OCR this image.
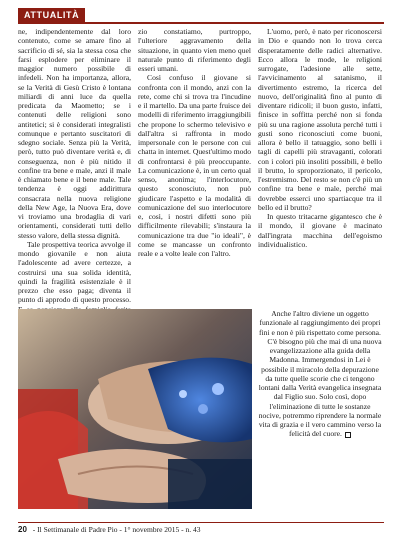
ATTUALITÀ

ne, indipendentemente dal loro contenuto, come se amare fino al sacrificio di sé, sia la stessa cosa che farsi esplodere per eliminare il maggior numero possibile di infedeli. Non ha importanza, allora, se la Verità di Gesù Cristo è lontana miliardi di anni luce da quella predicata da Maometto; se i contenuti delle religioni sono antitetici; si è considerati integralisti comunque e pertanto suscitatori di sdegno sociale. Senza più la Verità, però, tutto può diventare verità e, di conseguenza, non è più nitido il confine tra bene e male, anzi il male è chiamato bene e il bene male. Tale tendenza è oggi addirittura consacrata nella nuova religione della New Age, la Nuova Era, dove vi troviamo una brodaglia di vari orientamenti, considerati tutti dello stesso valore, della stessa dignità.

Tale prospettiva teorica avvolge il mondo giovanile e non aiuta l'adolescente ad avere certezze, a costruirsi una sua solida identità, quindi la fragilità esistenziale è il prezzo che esso paga; diventa il punto di approdo di questo processo.

zio constatiamo, purtroppo, l'ulteriore aggravamento della situazione, in quanto vien meno quel naturale punto di riferimento degli esseri umani.

Così confuso il giovane si confronta con il mondo, anzi con la rete, come chi si trova tra l'incudine e il martello. Da una parte fruisce dei modelli di riferimento irraggiungibili che propone lo schermo televisivo e dall'altra si raffronta in modo impersonale con le persone con cui chatta in internet. Quest'ultimo modo di confrontarsi è più preoccupante. La comunicazione è, in un certo qual senso, anonima; l'interlocutore, questo sconosciuto, non può giudicare l'aspetto e la modalità di comunicazione del suo interlocutore e, così, i nostri difetti sono più difficilmente rilevabili; s'instaura la comunicazione tra due "io ideali", è come se mancasse un confronto reale e a volte leale con l'altro.

L'uomo, però, è nato per riconoscersi in Dio e quando non lo trova cerca disperatamente delle radici alternative. Ecco allora le mode, le religioni surrogate, l'adesione alle sette, l'avvicinamento al satanismo, il divertimento estremo, la ricerca del nuovo, dell'originalità fino al punto di diventare ridicoli; il buon gusto, infatti, finisce in soffitta perché non si fonda più su una ragione assoluta perché tutti i gusti sono riconosciuti come buoni, allora è bello il tatuaggio, sono belli i tagli di capelli più stravaganti, colorati con i colori più insoliti possibili, è bello il brutto, lo sproporzionato, il pericolo, l'estremismo. Del resto se non c'è più un confine tra bene e male, perché mai dovrebbe esserci uno spartiacque tra il bello ed il brutto?

In questo tritacarne gigantesco che è il mondo, il giovane è macinato dall'ingrata macchina dell'egoismo individualistico.

Anche l'altro diviene un oggetto funzionale al raggiungimento dei propri fini e non è più rispettato come persona.

C'è bisogno più che mai di una nuova evangelizzazione alla guida della Madonna. Immergendosi in Lei è possibile il miracolo della depurazione da tutte quelle scorie che ci tengono lontani dalla Verità evangelica insegnata dal Figlio suo. Solo così, dopo l'eliminazione di tutte le sostanze nocive, potremmo riprendere la normale vita di grazia e il vero cammino verso la felicità del cuore.

20 - Il Settimanale di Padre Pio - 1° novembre 2015 - n. 43
